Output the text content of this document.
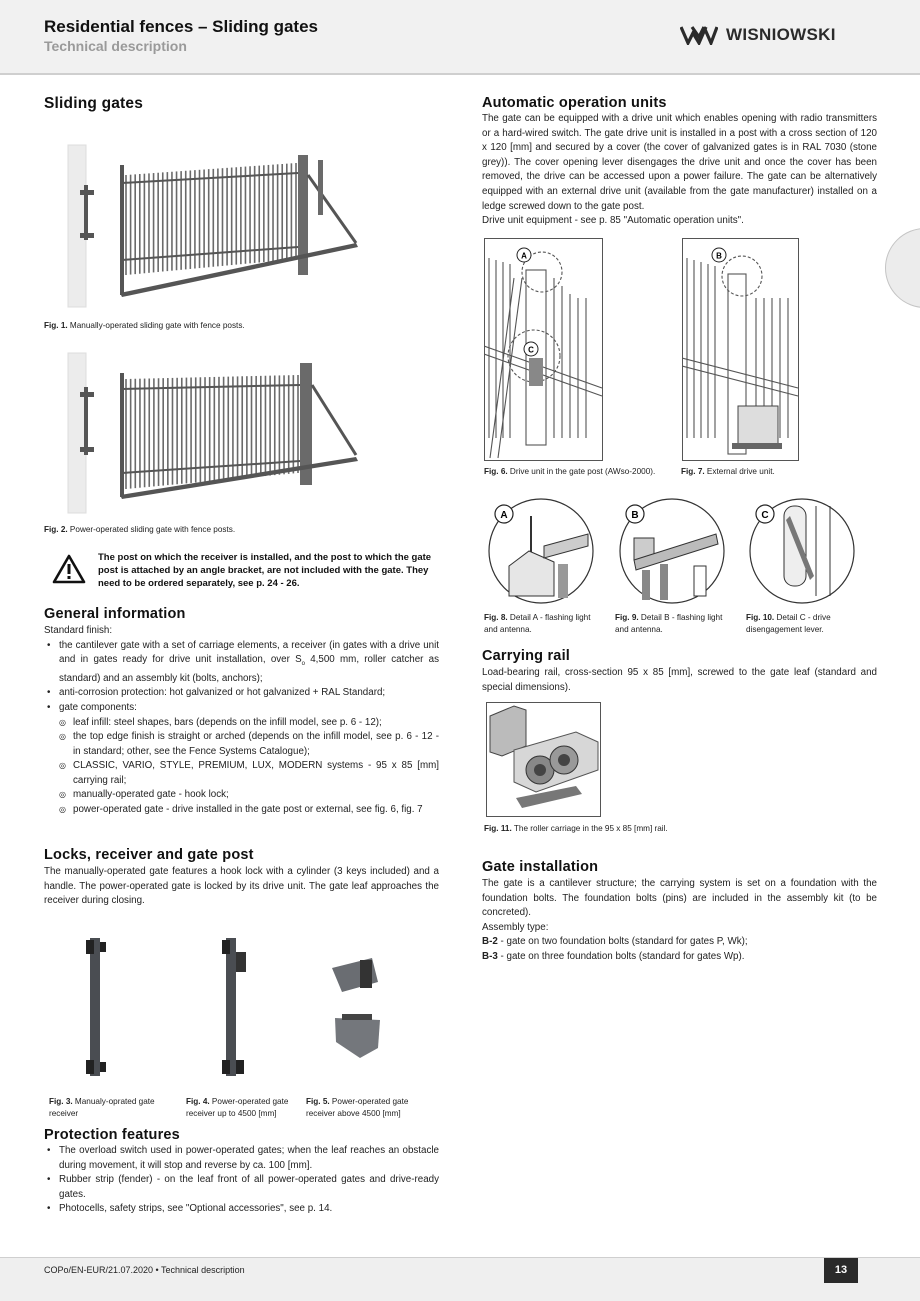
Residential fences – Sliding gates
Technical description
WISNIOWSKI
Sliding gates
Fig. 1. Manually-operated sliding gate with fence posts.
Fig. 2. Power-operated sliding gate with fence posts.
The post on which the receiver is installed, and the post to which the gate post is attached by an angle bracket, are not included with the gate. They need to be ordered separately, see p. 24 - 26.
General information
Standard finish:
• the cantilever gate with a set of carriage elements, a receiver (in gates with a drive unit and in gates ready for drive unit installation, over $S_o$ 4,500 mm, roller catcher as standard) and an assembly kit (bolts, anchors);
• anti-corrosion protection: hot galvanized or hot galvanized + RAL Standard;
• gate components:
◎ leaf infill: steel shapes, bars (depends on the infill model, see p. 6 - 12);
◎ the top edge finish is straight or arched (depends on the infill model, see p. 6 - 12 - in standard; other, see the Fence Systems Catalogue);
◎ CLASSIC, VARIO, STYLE, PREMIUM, LUX, MODERN systems - 95 x 85 [mm] carrying rail;
◎ manually-operated gate - hook lock;
◎ power-operated gate - drive installed in the gate post or external, see fig. 6, fig. 7
Locks, receiver and gate post
The manually-operated gate features a hook lock with a cylinder (3 keys included) and a handle. The power-operated gate is locked by its drive unit. The gate leaf approaches the receiver during closing.
Fig. 3. Manualy-oprated gate receiver
Fig. 4. Power-operated gate receiver up to 4500 [mm]
Fig. 5. Power-operated gate receiver above 4500 [mm]
Protection features
• The overload switch used in power-operated gates; when the leaf reaches an obstacle during movement, it will stop and reverse by ca. 100 [mm].
• Rubber strip (fender) - on the leaf front of all power-operated gates and drive-ready gates.
• Photocells, safety strips, see "Optional accessories", see p. 14.
Automatic operation units
The gate can be equipped with a drive unit which enables opening with radio transmitters or a hard-wired switch. The gate drive unit is installed in a post with a cross section of 120 x 120 [mm] and secured by a cover (the cover of galvanized gates is in RAL 7030 (stone grey)). The cover opening lever disengages the drive unit and once the cover has been removed, the drive can be accessed upon a power failure. The gate can be alternatively equipped with an external drive unit (available from the gate manufacturer) installed on a ledge screwed down to the gate post.
Drive unit equipment - see p. 85 "Automatic operation units".
A
C
B
Fig. 6. Drive unit in the gate post (AWso-2000).	Fig. 7. External drive unit.
A	B	C
Fig. 8. Detail A - flashing light and antenna.
Fig. 9. Detail B - flashing light and antenna.
Fig. 10. Detail C - drive disengagement lever.
Carrying rail
Load-bearing rail, cross-section 95 x 85 [mm], screwed to the gate leaf (standard and special dimensions).
Fig. 11. The roller carriage in the 95 x 85 [mm] rail.
Gate installation
The gate is a cantilever structure; the carrying system is set on a foundation with the foundation bolts. The foundation bolts (pins) are included in the assembly kit (to be concreted).
Assembly type:
B-2 - gate on two foundation bolts (standard for gates P, Wk);
B-3 - gate on three foundation bolts (standard for gates Wp).
COPo/EN-EUR/21.07.2020 • Technical description	13
